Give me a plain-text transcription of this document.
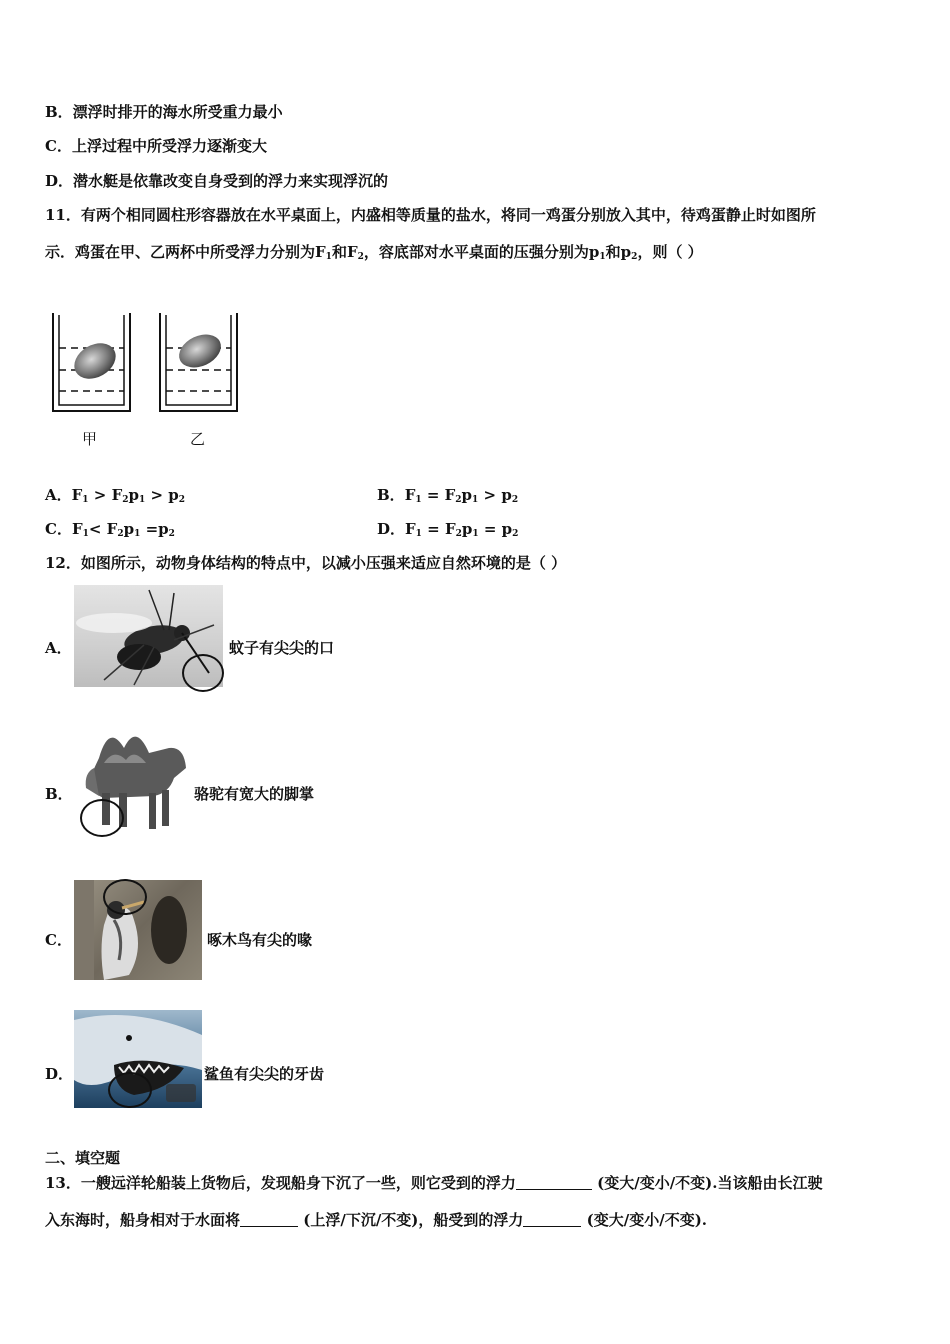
B．漂浮时排开的海水所受重力最小
C．上浮过程中所受浮力逐渐变大
D．潜水艇是依靠改变自身受到的浮力来实现浮沉的
11．有两个相同圆柱形容器放在水平桌面上，内盛相等质量的盐水，将同一鸡蛋分别放入其中，待鸡蛋静止时如图所
示．鸡蛋在甲、乙两杯中所受浮力分别为$F_1$和$F_2$，容底部对水平桌面的压强分别为$p_1$和$p_2$，则（ ）
甲	乙
A．$F_1 > F_2p_1 > p_2$	B．$F_1 = F_2p_1 > p_2$
C．$F_1< F_2p_1 =p_2$	D．$F_1 = F_2p_1 = p_2$
12．如图所示，动物身体结构的特点中，以减小压强来适应自然环境的是（ ）
A．	蚊子有尖尖的口
B．	骆驼有宽大的脚掌
C．	啄木鸟有尖的喙
D．	鲨鱼有尖尖的牙齿
二、填空题
13．一艘远洋轮船装上货物后，发现船身下沉了一些，则它受到的浮力	(变大/变小/不变).当该船由长江驶
入东海时，船身相对于水面将	(上浮/下沉/不变)，船受到的浮力	(变大/变小/不变).
